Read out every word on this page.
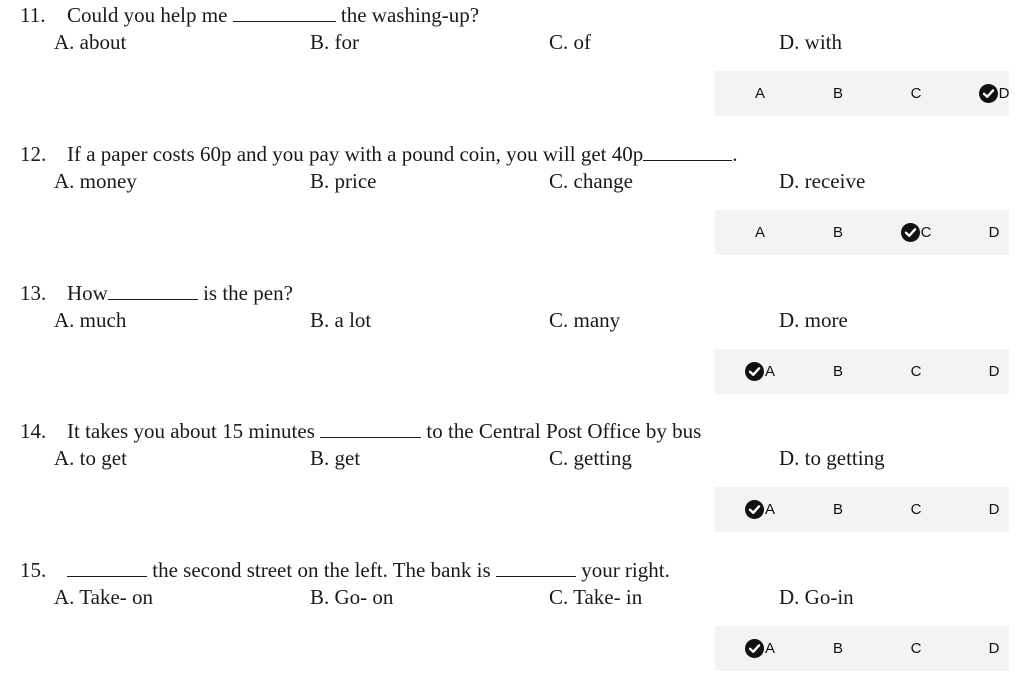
11. Could you help me	the washing-up?
A. about	B. for	C. of	D. with
A	B	C	D
12. If a paper costs 60p and you pay with a pound coin, you will get 40p	.
A. money	B. price	C. change	D. receive
A	B	C	D
13. How	is the pen?
A. much	B. a lot	C. many	D. more
A	B	C	D
14. It takes you about 15 minutes	to the Central Post Office by bus
A. to get	B. get	C. getting	D. to getting
A	B	C	D
15.	the second street on the left. The bank is	your right.
A. Take- on	B. Go- on	C. Take- in	D. Go-in
A	B	C	D
